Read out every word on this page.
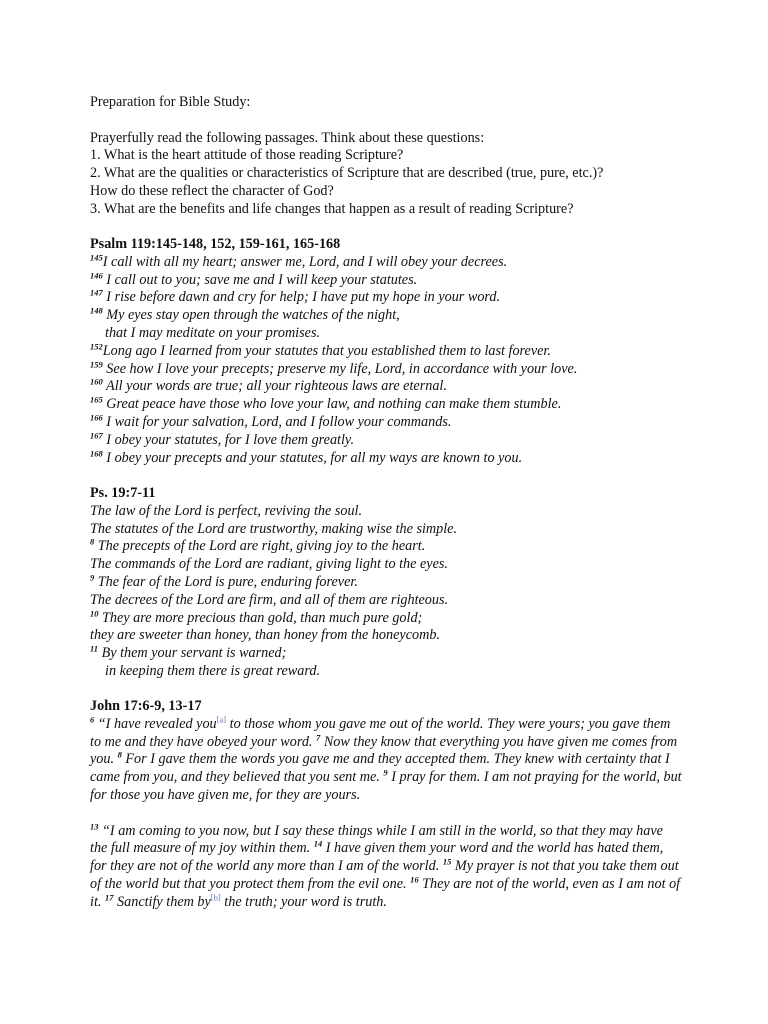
Preparation for Bible Study:
Prayerfully read the following passages. Think about these questions:
1. What is the heart attitude of those reading Scripture?
2. What are the qualities or characteristics of Scripture that are described (true, pure, etc.)?
How do these reflect the character of God?
3. What are the benefits and life changes that happen as a result of reading Scripture?
Psalm 119:145-148, 152, 159-161, 165-168
$^{145}$I call with all my heart; answer me, Lord, and I will obey your decrees.
$^{146}$ I call out to you; save me and I will keep your statutes.
$^{147}$ I rise before dawn and cry for help; I have put my hope in your word.
$^{148}$ My eyes stay open through the watches of the night,
that I may meditate on your promises.
$^{152}$Long ago I learned from your statutes that you established them to last forever.
$^{159}$ See how I love your precepts; preserve my life, Lord, in accordance with your love.
$^{160}$ All your words are true; all your righteous laws are eternal.
$^{165}$ Great peace have those who love your law, and nothing can make them stumble.
$^{166}$ I wait for your salvation, Lord, and I follow your commands.
$^{167}$ I obey your statutes, for I love them greatly.
$^{168}$ I obey your precepts and your statutes, for all my ways are known to you.
Ps. 19:7-11
The law of the Lord is perfect, reviving the soul.
The statutes of the Lord are trustworthy, making wise the simple.
$^8$ The precepts of the Lord are right, giving joy to the heart.
The commands of the Lord are radiant, giving light to the eyes.
$^9$ The fear of the Lord is pure, enduring forever.
The decrees of the Lord are firm, and all of them are righteous.
$^{10}$ They are more precious than gold, than much pure gold;
they are sweeter than honey, than honey from the honeycomb.
$^{11}$ By them your servant is warned;
in keeping them there is great reward.
John 17:6-9, 13-17

$^6$ “I have revealed you [ $^a$ ] to those whom you gave me out of the world. They were yours; you gave them to me and they have obeyed your word. $^7$ Now they know that everything you have given me comes from you. $^8$ For I gave them the words you gave me and they accepted them. They knew with certainty that I came from you, and they believed that you sent me. $^9$ I pray for them. I am not praying for the world, but for those you have given me, for they are yours.

$^{13}$ “I am coming to you now, but I say these things while I am still in the world, so that they may have the full measure of my joy within them. $^{14}$ I have given them your word and the world has hated them, for they are not of the world any more than I am of the world. $^{15}$ My prayer is not that you take them out of the world but that you protect them from the evil one. $^{16}$ They are not of the world, even as I am not of it. $^{17}$ Sanctify them by [ $^b$ ] the truth; your word is truth.
